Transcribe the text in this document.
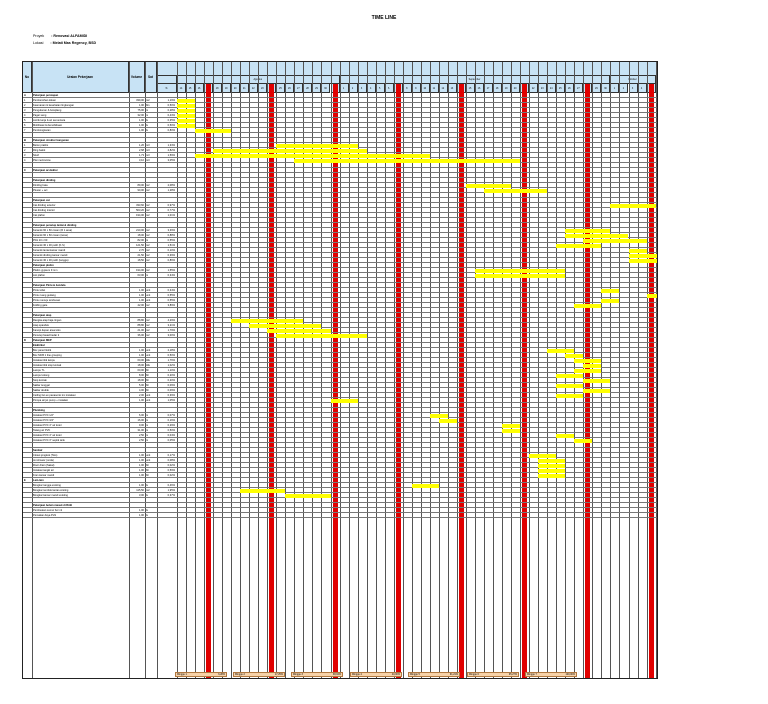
TIME LINE
Proyek : Renovasi ALFAMIDI
Lokasi : Melati Mas Regency, BSD
No	Uraian Pekerjaan	Volume	Sat
%
Agustus	September	Oktober
14	15	16	18	19	20	21	22	23	25	26	27	28	29	30	1	2	3	4	5	6	8	9	10	11	12	13	15	16	17	18	19	20	22	23	24	25	26	27	29	30	1	2	3	4
A	Pekerjaan persiapan
1	Pembersihan lokasi	339,00 m2	1,19%
2	Keamanan & kesehatan lingkungan	1,00 bln	0,50%
3	Pengukuran & bowplang	75,00 m	0,28%
4	Pagar seng	32,00 m	0,43%
5	Listrik kerja & air sementara	1,00 ls	0,35%
6	Mobilisasi & demobilisasi	1,00 ls	0,50%
7	Pembongkaran	1,00 ls	0,80%
B	Pekerjaan struktur bangunan
1	Beton praktis	1,26 m3	1,33%
2	Ring balok	2,68 m3	2,82%
3	Sloof	1,73 m3	1,59%
4	Plat mezzanine	3,10 m3	3,05%
C	Pekerjaan arsitektur
Pekerjaan dinding
Dinding bata	89,00 m2	2,08%
Plester + aci	90,00 m2	1,28%
Pekerjaan cat
Cat dinding exterior	333,60 m2	0,97%
Cat dinding interior	503,20 m2	0,77%
Cat plafon	194,00 m2	1,01%
Pekerjaan penutup lantai & dinding
Keramik 60 x 60 cream (R 1 area)	210,00 m2	3,39%
Keramik 60 x 60 cream (teras)	18,00 m2	0,88%
Plint 10 x 60	82,00 m	0,55%
Keramik 30 x 30 putih (K.S)	121,50 m2	1,51%
Keramik lantai kamar mandi	2,70 m2	0,10%
Keramik dinding kamar mandi	21,50 m2	0,39%
Keramik 30 x 30 putih (tangga)	18,50 m2	0,86%
Pekerjaan plafon
Plafon gypsum 9 mm	194,00 m2	1,55%
List plafon	63,00 m	0,34%
Pekerjaan Pintu & Jendela
Pintu toilet	1,00 unit	0,34%
Pintu ruang gudang	1,00 unit	0,55%
Pintu menuju tembusan	1,00 unit	0,55%
Folding gate	42,00 m2	3,89%
Pekerjaan atap
Rangka atap baja ringan	88,80 m2	4,29%
Atap spandek	88,80 m2	3,21%
Kanopi depan area toko	21,00 m2	1,79%
Penutup fasad bedar 2	36,00 m2	3,00%
D	Pekerjaan MEP
Elektrikal
Box panel listrik	1,00 unit	2,18%
Box MCB 1 line grouping	1,00 unit	0,50%
Instalasi titik lampu	60,00 titik	1,76%
Instalasi titik stop kontak	18,00 titik	1,02%
Lampu TL	60,00 bh	1,10%
Lampu kolong	8,00 bh	0,20%
Stop kontak	18,00 bh	0,20%
Saklar tunggal	5,00 bh	0,09%
Saklar double	4,00 bh	0,09%
Ceiling fan ex panasonic inc instalasi	2,00 unit	0,39%
Pompa air jet pump + instalasi	1,00 unit	1,05%
Plumbing
Instalasi PVC 1/2"	6,00 m	0,07%
Instalasi PVC 3/4"	16,00 m	0,16%
Instalasi PVC 4" air kotor	9,00 m	0,29%
Talang air PVC	31,00 m	0,50%
Instalasi PVC 4" air kotor	2,50 m	0,04%
Instalasi PVC 3" septik tank	2,50 m	0,05%
Sanitair
Closet jongkok (Toto)	1,00 unit	0,17%
Jet shower (onda)	1,00 unit	0,08%
Floor drain (Sakai)	1,00 bh	0,02%
Instalasi tangki air	1,00 bh	0,59%
Kran kamar mandi	1,00 bh	0,02%
E	Lain-lain
Bongkar tangga existing	1,00 ls	0,46%
Bongkar tembok lantai existing	115,50 m2	1,95%
Bongkar kamar mandi existing	3,00 ls	0,37%
Pekerjaan belum masuk di RAB
Pembuatan sumur bor ml	1,00 ls
Pemakan daya PLN	1,00 ls
Minggu 1	6,28%	Minggu 2	17,25%	Minggu 3	38,04%	Minggu 4	40,00%	Minggu 5	91,21%	Minggu 6	95,27%	Minggu 7	100,00%
